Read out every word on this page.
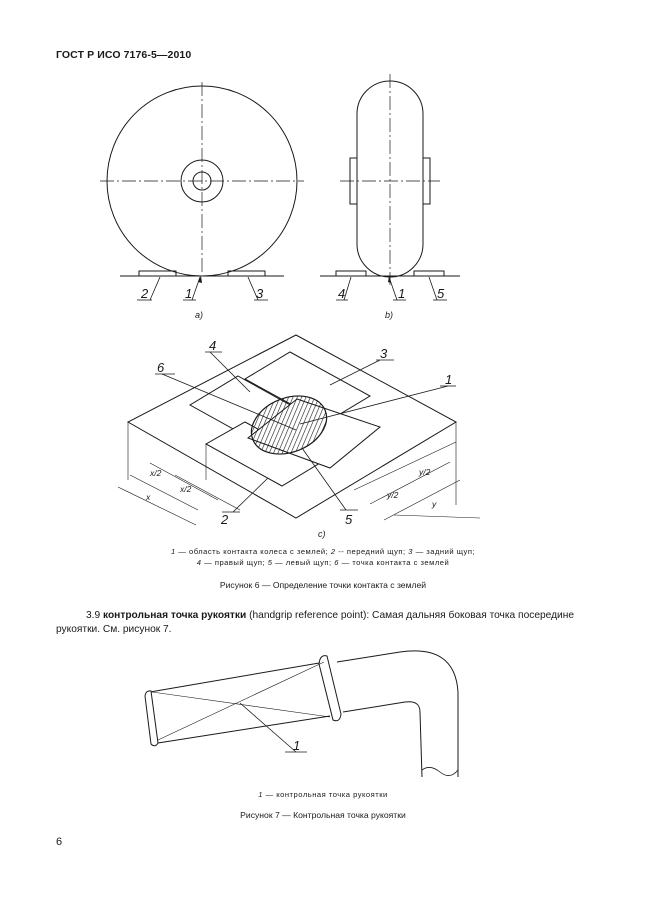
ГОСТ Р ИСО 7176-5—2010
2	1	3
a)
4	1 5
b)
6
4
3
1
2	5
x/2
x/2
x
y/2
y/2
y
c)
1 — область контакта колеса с землей; 2 -- передний щуп; 3 — задний щуп;
4 — правый щуп; 5 — левый щуп; 6 — точка контакта с землей
Рисунок 6 — Определение точки контакта с землей
3.9 контрольная точка рукоятки (handgrip reference point): Самая дальняя боковая точка посередине рукоятки. См. рисунок 7.
1
1 — контрольная точка рукоятки
Рисунок 7 — Контрольная точка рукоятки
6
